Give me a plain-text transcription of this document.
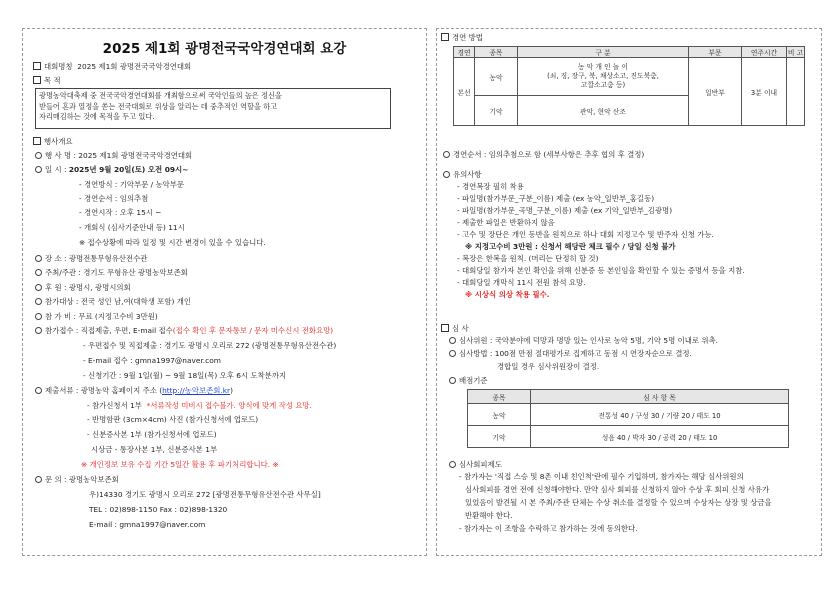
2025 제1회 광명전국국악경연대회 요강
대회명칭 2025 제1회 광명전국국악경연대회
목 적
광명농악대축제 중 전국국악경연대회를 개최함으로써 국악인들의 높은 정신을
받들어 혼과 열정을 쏟는 전국대회로 위상을 알리는 데 중추적인 역할을 하고
자리매김하는 것에 목적을 두고 있다.
행사개요
행 사 명 : 2025 제1회 광명전국국악경연대회
일 시 : 2025년 9월 20일(토) 오전 09시~
- 경연방식 : 기악부문 / 농악부문
- 경연순서 : 임의추첨
- 경연시작 : 오후 15시 ~
- 개회식 (심사기준안내 등) 11시
※ 접수상황에 따라 일정 및 시간 변경이 있을 수 있습니다.
장 소 : 광명전통무형유산전수관
주최/주관 : 경기도 무형유산 광명농악보존회
후 원 : 광명시, 광명시의회
참가대상 : 전국 성인 남,여(대학생 포함) 개인
참 가 비 : 무료 (지정고수비 3만원)
참가접수 : 직접제출, 우편, E-mail 접수(접수 확인 후 문자통보 / 문자 미수신시 전화요망)
- 우편접수 및 직접제출 : 경기도 광명시 오리로 272 (광명전통무형유산전수관)
- E-mail 접수 : gmna1997@naver.com
- 신청기간 : 9월 1일(월) ~ 9월 18일(목) 오후 6시 도착분까지
제출서류 : 광명농악 홈페이지 주소 (http://농악보존회.kr)
- 참가신청서 1부 *서류작성 미비시 접수불가. 양식에 맞게 작성 요망.
- 반명함판 (3cm×4cm) 사진 (참가신청서에 업로드)
- 신분증사본 1부 (참가신청서에 업로드)
시상금 - 통장사본 1부, 신분증사본 1부
※ 개인정보 보유 수집 기간 5일간 활용 후 파기처리합니다. ※
문 의 : 광명농악보존회
우)14330 경기도 광명시 오리로 272 [광명전통무형유산전수관 사무실]
TEL : 02)898-1150 Fax : 02)898-1320
E-mail : gmna1997@naver.com
경연 방법
경연	종목	구 분	부문	연주시간	비 고
본선	농악	농 악 개 인 놀 이
(쇠, 징, 장구, 북, 채상소고, 진도북춤,
고깔소고춤 등)	일반부	3분 이내	
	기악	관악, 현악 산조			
경연순서 : 임의추첨으로 함 (세부사항은 추후 협의 후 결정)
유의사항
- 경연복장 필히 착용
- 파일명(참가부문_구분_이름) 제출 (ex 농악_일반부_홍길동)
- 파일명(참가부문_곡명_구분_이름) 제출 (ex 기악_일반부_김광명)
- 제출한 파일은 반환하지 않음
- 고수 및 장단은 개인 동반을 원칙으로 하나 대회 지정고수 및 반주자 신청 가능.
※ 지정고수비 3만원 : 신청서 해당란 체크 필수 / 당일 신청 불가
- 복장은 한복을 원칙. (머리는 단정히 할 것)
- 대회당일 참가자 본인 확인을 위해 신분증 등 본인임을 확인할 수 있는 증명서 등을 지참.
- 대회당일 개막식 11시 전원 참석 요망.
※ 시상식 의상 착용 필수.
심 사
심사위원 : 국악분야에 덕망과 명망 있는 인사로 농악 5명, 기악 5명 이내로 위촉.
심사방법 : 100점 만점 절대평가로 집계하고 동점 시 연장자순으로 결정.
경합일 경우 심사위원장이 결정.
배점기준
종목	심 사 항 목
농악	전통성 40 / 구성 30 / 기량 20 / 태도 10
기악	성음 40 / 박자 30 / 공력 20 / 태도 10
심사회피제도
- 참가자는 '직접 스승 및 8촌 이내 친인척'란에 필수 기입하며, 참가자는 해당 심사위원의
심사회피를 경연 전에 신청해야한다. 만약 심사 회피를 신청하지 않아 수상 후 회피 신청 사유가
있었음이 발견될 시 본 주최/주관 단체는 수상 취소를 결정할 수 있으며 수상자는 상장 및 상금을
반환해야 한다.
- 참가자는 이 조항을 수락하고 참가하는 것에 동의한다.
